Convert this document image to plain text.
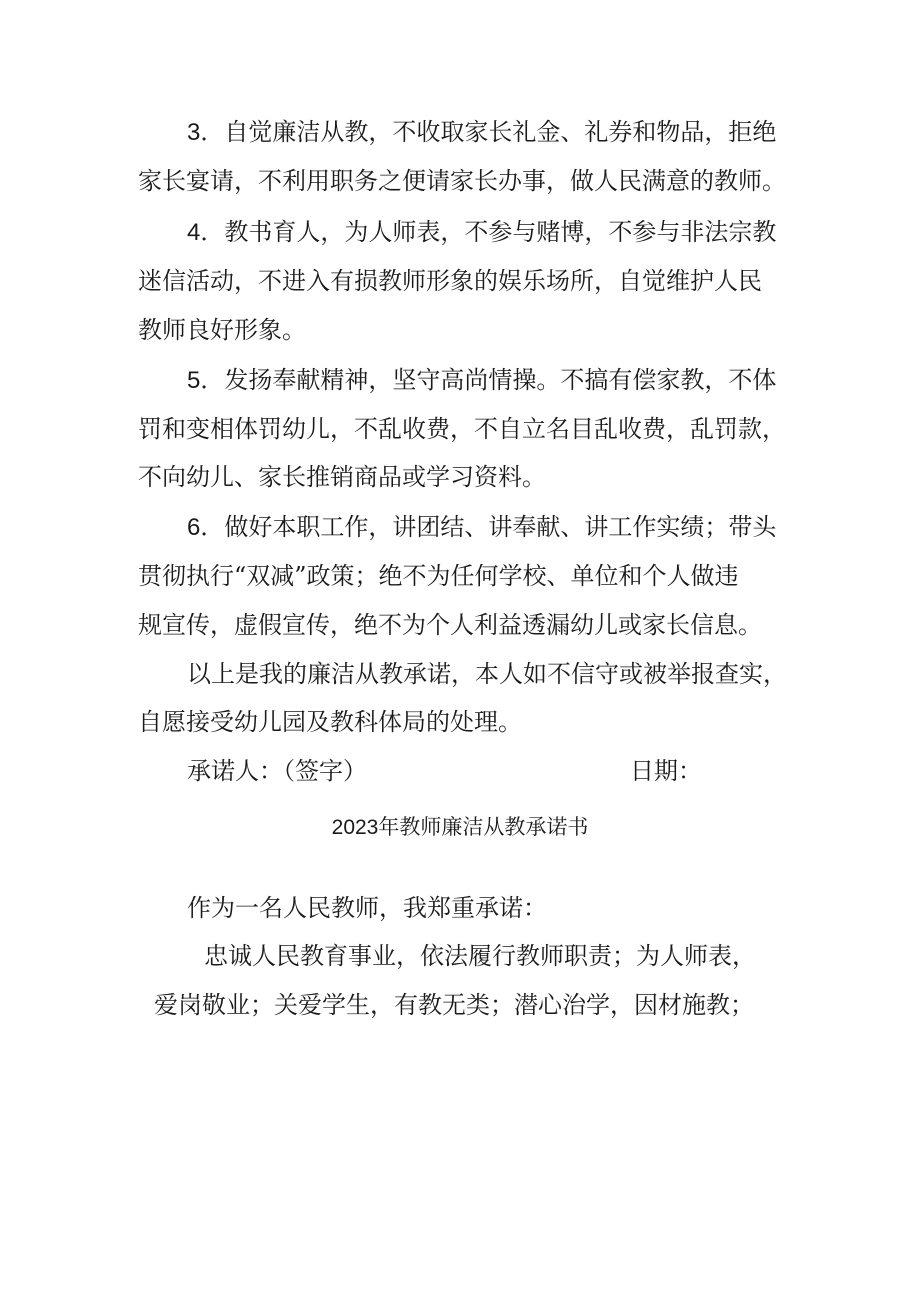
3．自觉廉洁从教，不收取家长礼金、礼券和物品，拒绝

家长宴请，不利用职务之便请家长办事，做人民满意的教师。

4．教书育人，为人师表，不参与赌博，不参与非法宗教

迷信活动，不进入有损教师形象的娱乐场所，自觉维护人民

教师良好形象。

5．发扬奉献精神，坚守高尚情操。不搞有偿家教，不体

罚和变相体罚幼儿，不乱收费，不自立名目乱收费，乱罚款，

不向幼儿、家长推销商品或学习资料。

6．做好本职工作，讲团结、讲奉献、讲工作实绩；带头

贯彻执行“双减”政策；绝不为任何学校、单位和个人做违

规宣传，虚假宣传，绝不为个人利益透漏幼儿或家长信息。

以上是我的廉洁从教承诺，本人如不信守或被举报查实，

自愿接受幼儿园及教科体局的处理。

承诺人：（签字）	日期：

2023年教师廉洁从教承诺书

作为一名人民教师，我郑重承诺：

忠诚人民教育事业，依法履行教师职责；为人师表，

爱岗敬业；关爱学生，有教无类；潜心治学，因材施教；
